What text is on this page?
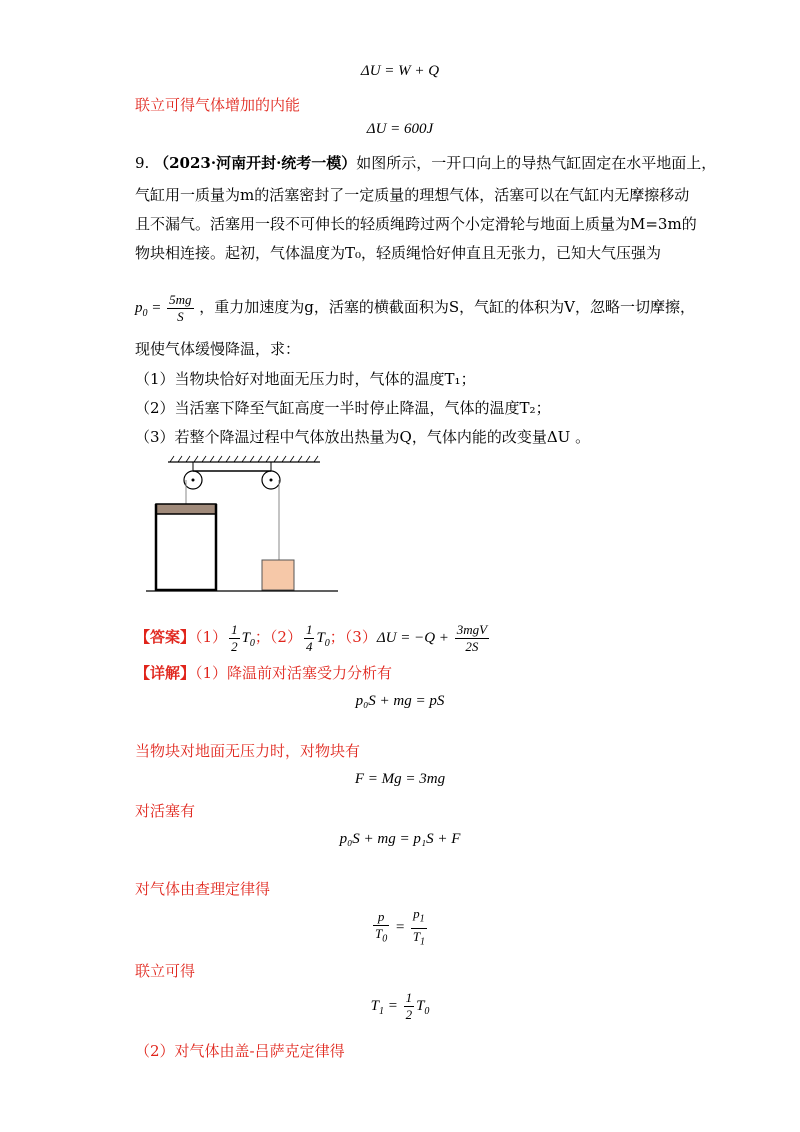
ΔU = W + Q
联立可得气体增加的内能
ΔU = 600J
9. （2023·河南开封·统考一模）如图所示，一开口向上的导热气缸固定在水平地面上，
气缸用一质量为m的活塞密封了一定质量的理想气体，活塞可以在气缸内无摩擦移动
且不漏气。活塞用一段不可伸长的轻质绳跨过两个小定滑轮与地面上质量为M=3m的
物块相连接。起初，气体温度为T₀，轻质绳恰好伸直且无张力，已知大气压强为
$p_0 = \frac{5mg}{S}$ ，重力加速度为g，活塞的横截面积为S，气缸的体积为V，忽略一切摩擦，
现使气体缓慢降温，求：
（1）当物块恰好对地面无压力时，气体的温度T₁；
（2）当活塞下降至气缸高度一半时停止降温，气体的温度T₂；
（3）若整个降温过程中气体放出热量为Q，气体内能的改变量ΔU 。
【答案】$(1) \frac{1}{2} T_0$；$(2) \frac{1}{4} T_0$；$(3)\Delta U = -Q + \frac{\text{3mgV}}{2S}$
【详解】（1）降温前对活塞受力分析有
p₀S + mg = pS
当物块对地面无压力时，对物块有
F = Mg = 3mg
对活塞有
p₀S + mg = p₁S + F
对气体由查理定律得
$\frac{p}{T_0} = \frac{p_1}{T_1}$
联立可得
$T_1 = \frac{1}{2} T_0$
（2）对气体由盖-吕萨克定律得
